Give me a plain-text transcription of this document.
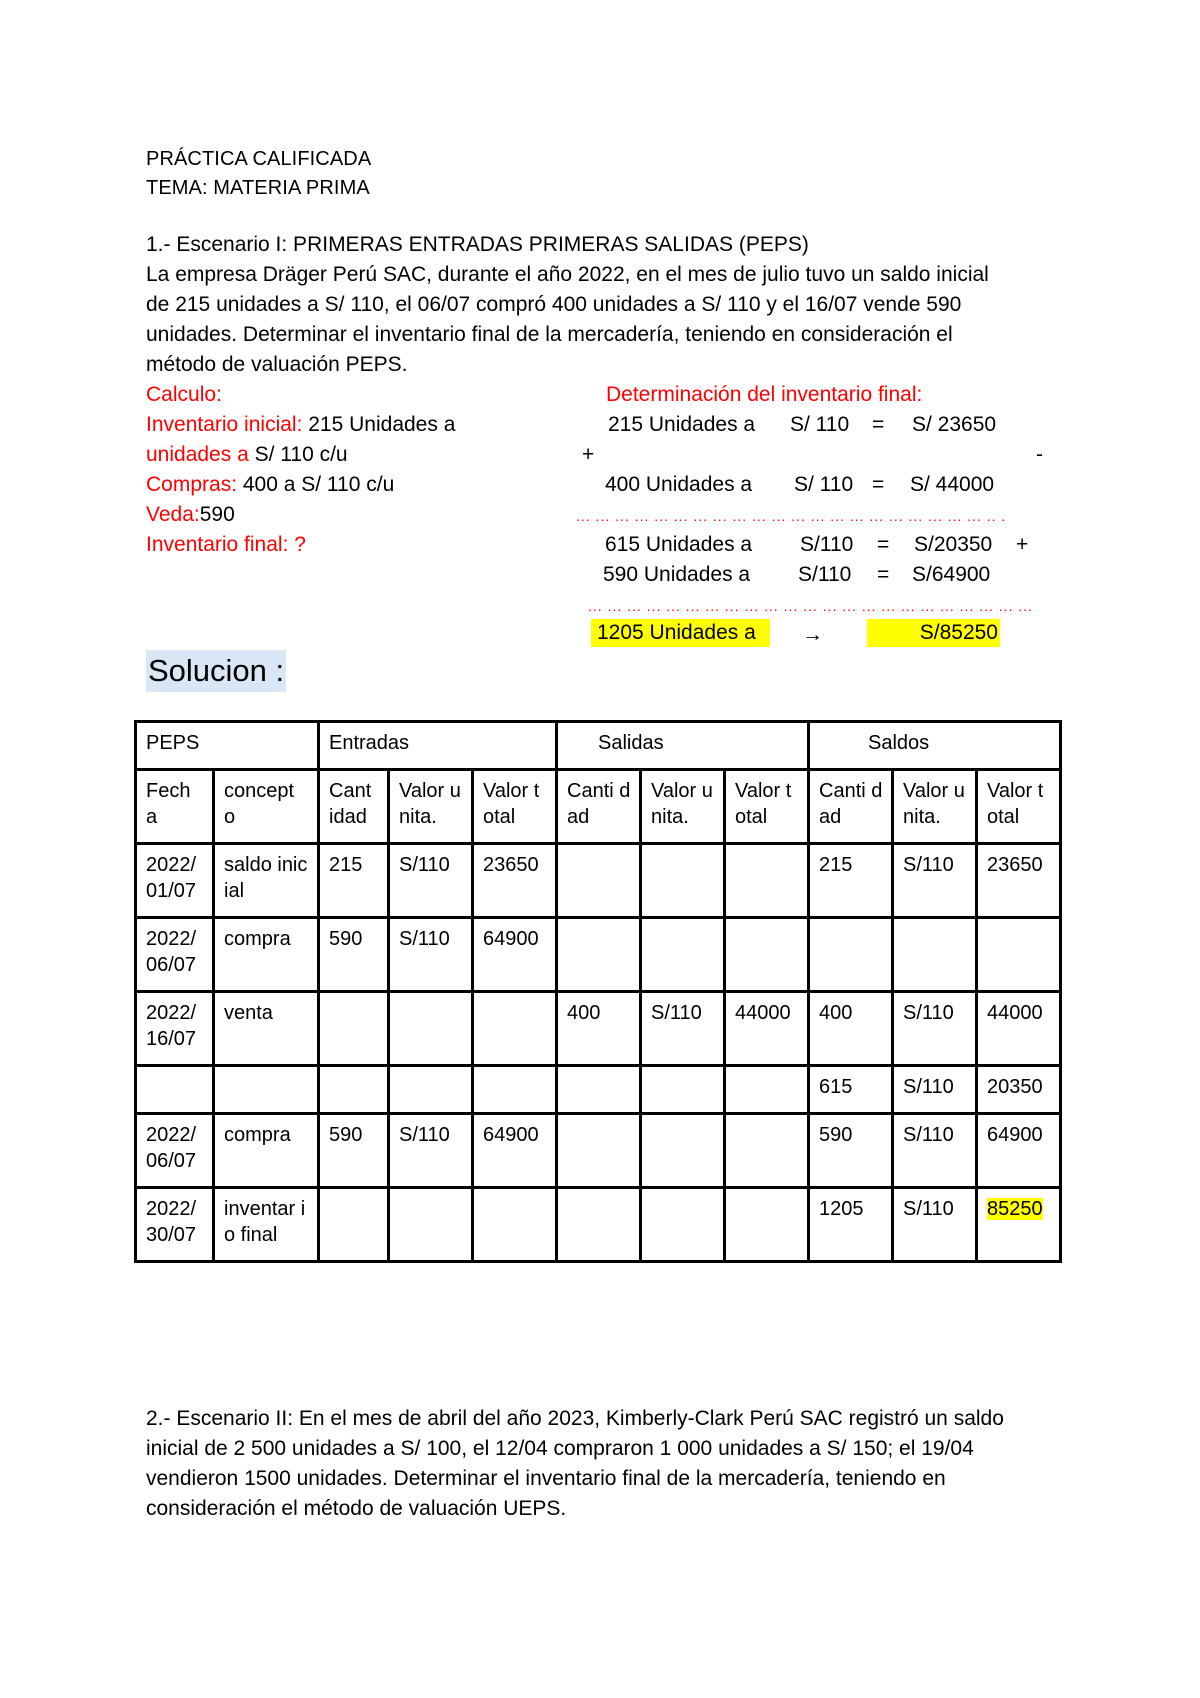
PRÁCTICA CALIFICADA
TEMA: MATERIA PRIMA
1.- Escenario I: PRIMERAS ENTRADAS PRIMERAS SALIDAS (PEPS)
La empresa Dräger Perú SAC, durante el año 2022, en el mes de julio tuvo un saldo inicial
de 215 unidades a S/ 110, el 06/07 compró 400 unidades a S/ 110 y el 16/07 vende 590
unidades. Determinar el inventario final de la mercadería, teniendo en consideración el
método de valuación PEPS.
Calculo:
Inventario inicial: 215 Unidades a
unidades a S/ 110 c/u
Compras: 400 a S/ 110 c/u
Veda:590
Inventario final: ?
Determinación del inventario final:
215 Unidades a S/ 110 = S/ 23650
+	-
400 Unidades a S/ 110 = S/ 44000
... ... ... ... ... ... ... ... ... ... ... ... ... ... ... ... ... ... ... ... ... .. .
615 Unidades a S/110 = S/20350 +
590 Unidades a S/110 = S/64900
... ... ... ... ... ... ... ... ... ... ... ... ... ... ... ... ... ... ... ... ... ... ...
1205 Unidades a	→	S/85250
Solucion :
PEPS		Entradas			Salidas			Saldos		
Fech a	concept o	Cant idad	Valor unita.	Valor total	Canti dad	Valor unita.	Valor total	Canti dad	Valor unita.	Valor total
2022/ 01/07	saldo inicial	215	S/110	23650				215	S/110	23650
2022/ 06/07	compra	590	S/110	64900						
2022/ 16/07	venta				400	S/110	44000	400	S/110	44000
								615	S/110	20350
2022/ 06/07	compra	590	S/110	64900				590	S/110	64900
2022/ 30/07	inventar io final							1205	S/110	85250
2.- Escenario II: En el mes de abril del año 2023, Kimberly-Clark Perú SAC registró un saldo
inicial de 2 500 unidades a S/ 100, el 12/04 compraron 1 000 unidades a S/ 150; el 19/04
vendieron 1500 unidades. Determinar el inventario final de la mercadería, teniendo en
consideración el método de valuación UEPS.
